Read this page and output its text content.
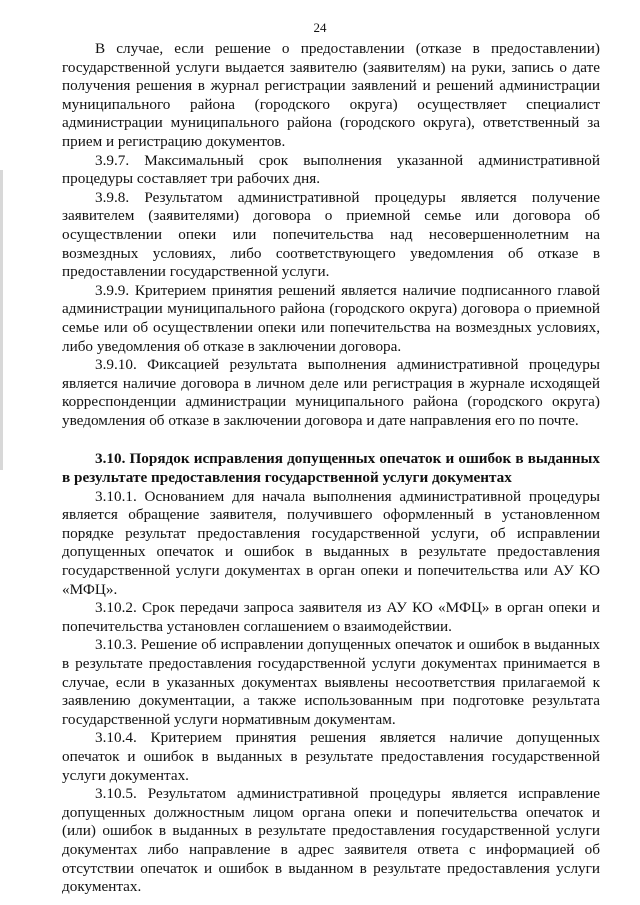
24

В случае, если решение о предоставлении (отказе в предоставлении) государственной услуги выдается заявителю (заявителям) на руки, запись о дате получения решения в журнал регистрации заявлений и решений администрации муниципального района (городского округа) осуществляет специалист администрации муниципального района (городского округа), ответственный за прием и регистрацию документов.

3.9.7. Максимальный срок выполнения указанной административной процедуры составляет три рабочих дня.

3.9.8. Результатом административной процедуры является получение заявителем (заявителями) договора о приемной семье или договора об осуществлении опеки или попечительства над несовершеннолетним на возмездных условиях, либо соответствующего уведомления об отказе в предоставлении государственной услуги.

3.9.9. Критерием принятия решений является наличие подписанного главой администрации муниципального района (городского округа) договора о приемной семье или об осуществлении опеки или попечительства на возмездных условиях, либо уведомления об отказе в заключении договора.

3.9.10. Фиксацией результата выполнения административной процедуры является наличие договора в личном деле или регистрация в журнале исходящей корреспонденции администрации муниципального района (городского округа) уведомления об отказе в заключении договора и дате направления его по почте.

3.10. Порядок исправления допущенных опечаток и ошибок в выданных в результате предоставления государственной услуги документах

3.10.1. Основанием для начала выполнения административной процедуры является обращение заявителя, получившего оформленный в установленном порядке результат предоставления государственной услуги, об исправлении допущенных опечаток и ошибок в выданных в результате предоставления государственной услуги документах в орган опеки и попечительства или АУ КО «МФЦ».

3.10.2. Срок передачи запроса заявителя из АУ КО «МФЦ» в орган опеки и попечительства установлен соглашением о взаимодействии.

3.10.3. Решение об исправлении допущенных опечаток и ошибок в выданных в результате предоставления государственной услуги документах принимается в случае, если в указанных документах выявлены несоответствия прилагаемой к заявлению документации, а также использованным при подготовке результата государственной услуги нормативным документам.

3.10.4. Критерием принятия решения является наличие допущенных опечаток и ошибок в выданных в результате предоставления государственной услуги документах.

3.10.5. Результатом административной процедуры является исправление допущенных должностным лицом органа опеки и попечительства опечаток и (или) ошибок в выданных в результате предоставления государственной услуги документах либо направление в адрес заявителя ответа с информацией об отсутствии опечаток и ошибок в выданном в результате предоставления услуги документах.
